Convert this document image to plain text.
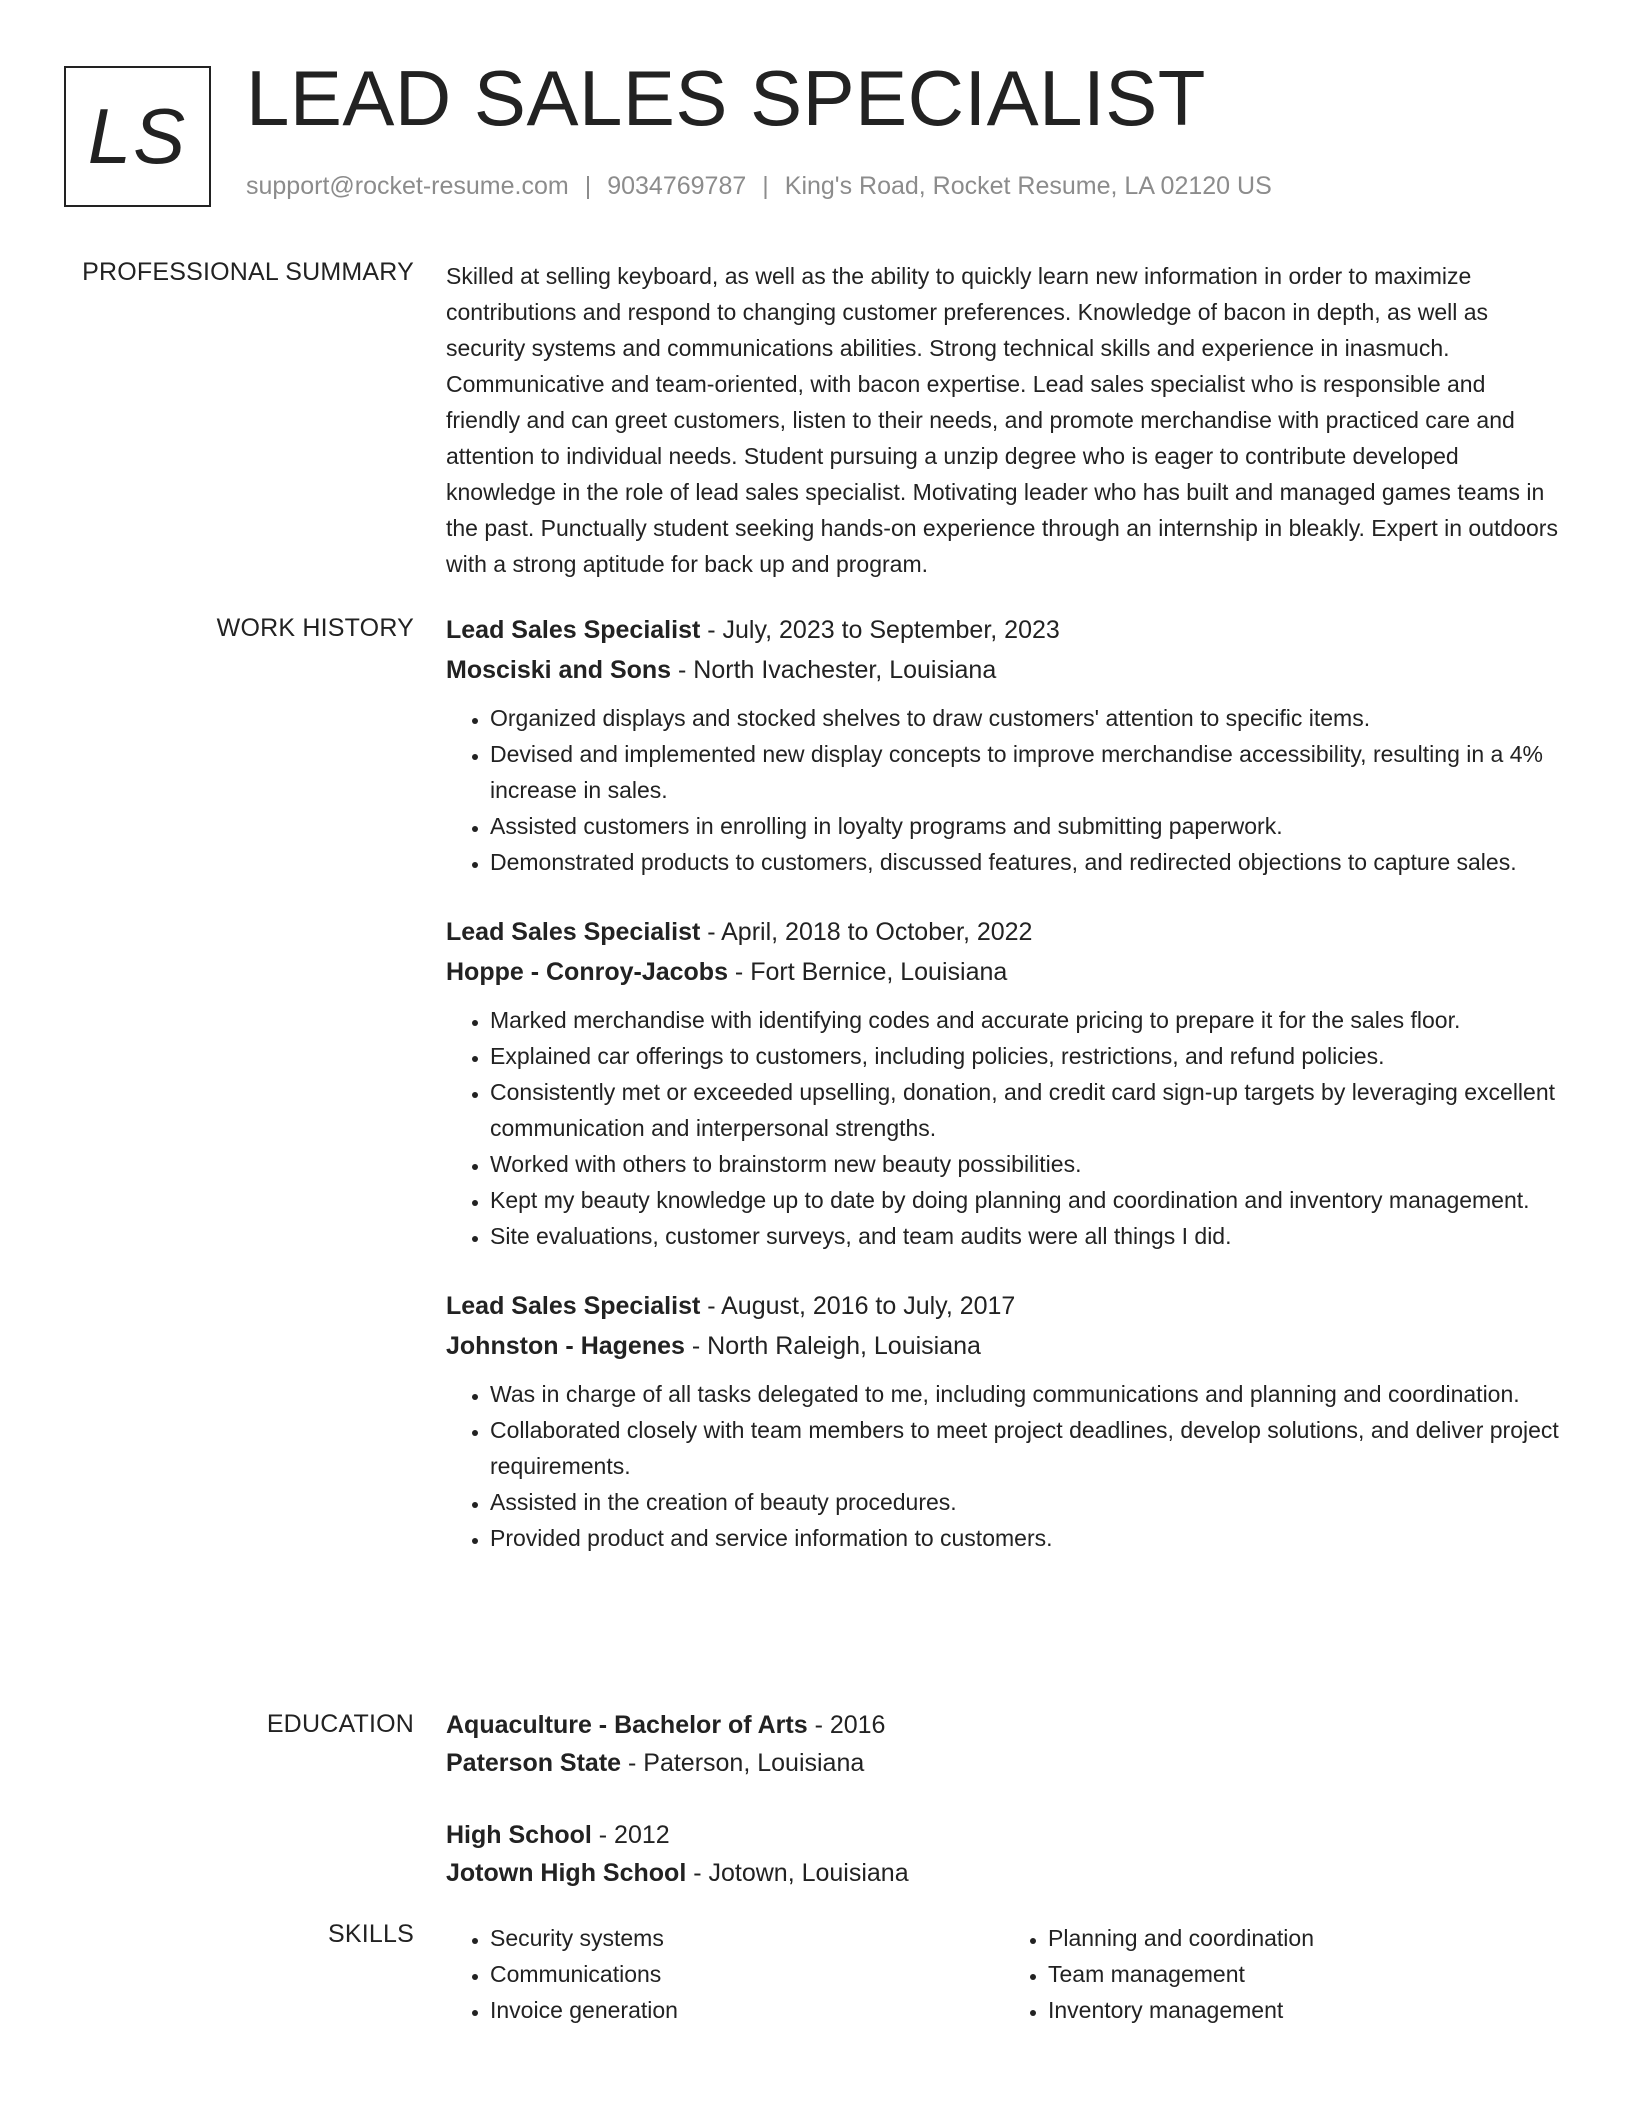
LS LEAD SALES SPECIALIST
support@rocket-resume.com | 9034769787 | King's Road, Rocket Resume, LA 02120 US
PROFESSIONAL SUMMARY Skilled at selling keyboard, as well as the ability to quickly learn new information in order to maximize contributions and respond to changing customer preferences. Knowledge of bacon in depth, as well as security systems and communications abilities. Strong technical skills and experience in inasmuch. Communicative and team-oriented, with bacon expertise. Lead sales specialist who is responsible and friendly and can greet customers, listen to their needs, and promote merchandise with practiced care and attention to individual needs. Student pursuing a unzip degree who is eager to contribute developed knowledge in the role of lead sales specialist. Motivating leader who has built and managed games teams in the past. Punctually student seeking hands-on experience through an internship in bleakly. Expert in outdoors with a strong aptitude for back up and program.

WORK HISTORY Lead Sales Specialist - July, 2023 to September, 2023
Mosciski and Sons - North Ivachester, Louisiana
• Organized displays and stocked shelves to draw customers' attention to specific items.
• Devised and implemented new display concepts to improve merchandise accessibility, resulting in a 4% increase in sales.
• Assisted customers in enrolling in loyalty programs and submitting paperwork.
• Demonstrated products to customers, discussed features, and redirected objections to capture sales.
Lead Sales Specialist - April, 2018 to October, 2022
Hoppe - Conroy-Jacobs - Fort Bernice, Louisiana
• Marked merchandise with identifying codes and accurate pricing to prepare it for the sales floor.
• Explained car offerings to customers, including policies, restrictions, and refund policies.
• Consistently met or exceeded upselling, donation, and credit card sign-up targets by leveraging excellent communication and interpersonal strengths.
• Worked with others to brainstorm new beauty possibilities.
• Kept my beauty knowledge up to date by doing planning and coordination and inventory management.
• Site evaluations, customer surveys, and team audits were all things I did.
Lead Sales Specialist - August, 2016 to July, 2017
Johnston - Hagenes - North Raleigh, Louisiana
• Was in charge of all tasks delegated to me, including communications and planning and coordination.
• Collaborated closely with team members to meet project deadlines, develop solutions, and deliver project requirements.
• Assisted in the creation of beauty procedures.
• Provided product and service information to customers.
EDUCATION Aquaculture - Bachelor of Arts - 2016
Paterson State - Paterson, Louisiana
High School - 2012
Jotown High School - Jotown, Louisiana
SKILLS
•	Security systems
• Communications
• Invoice generation
• Planning and coordination
• Team management
• Inventory management
